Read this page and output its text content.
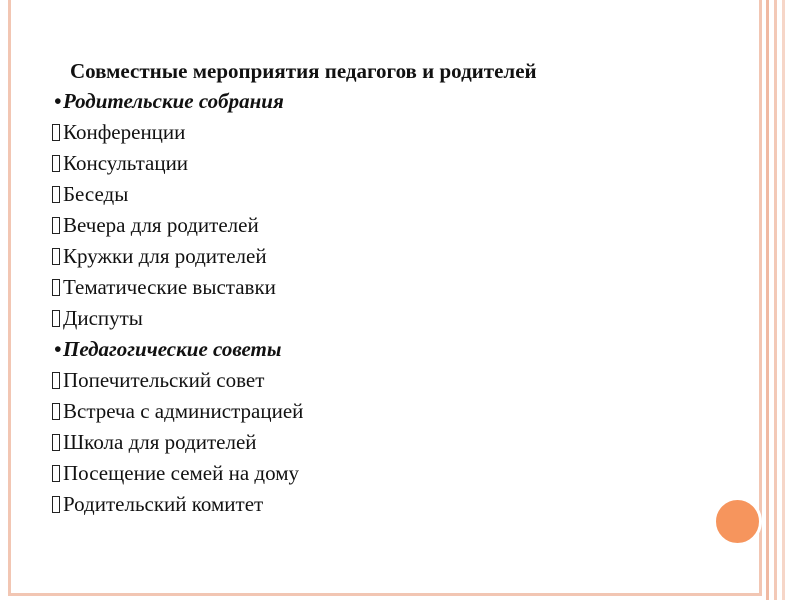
Совместные мероприятия педагогов и родителей
•Родительские собрания
Конференции
Консультации
Беседы
Вечера для родителей
Кружки для родителей
Тематические выставки
Диспуты
•Педагогические советы
Попечительский совет
Встреча с администрацией
Школа для родителей
Посещение семей на дому
Родительский комитет
